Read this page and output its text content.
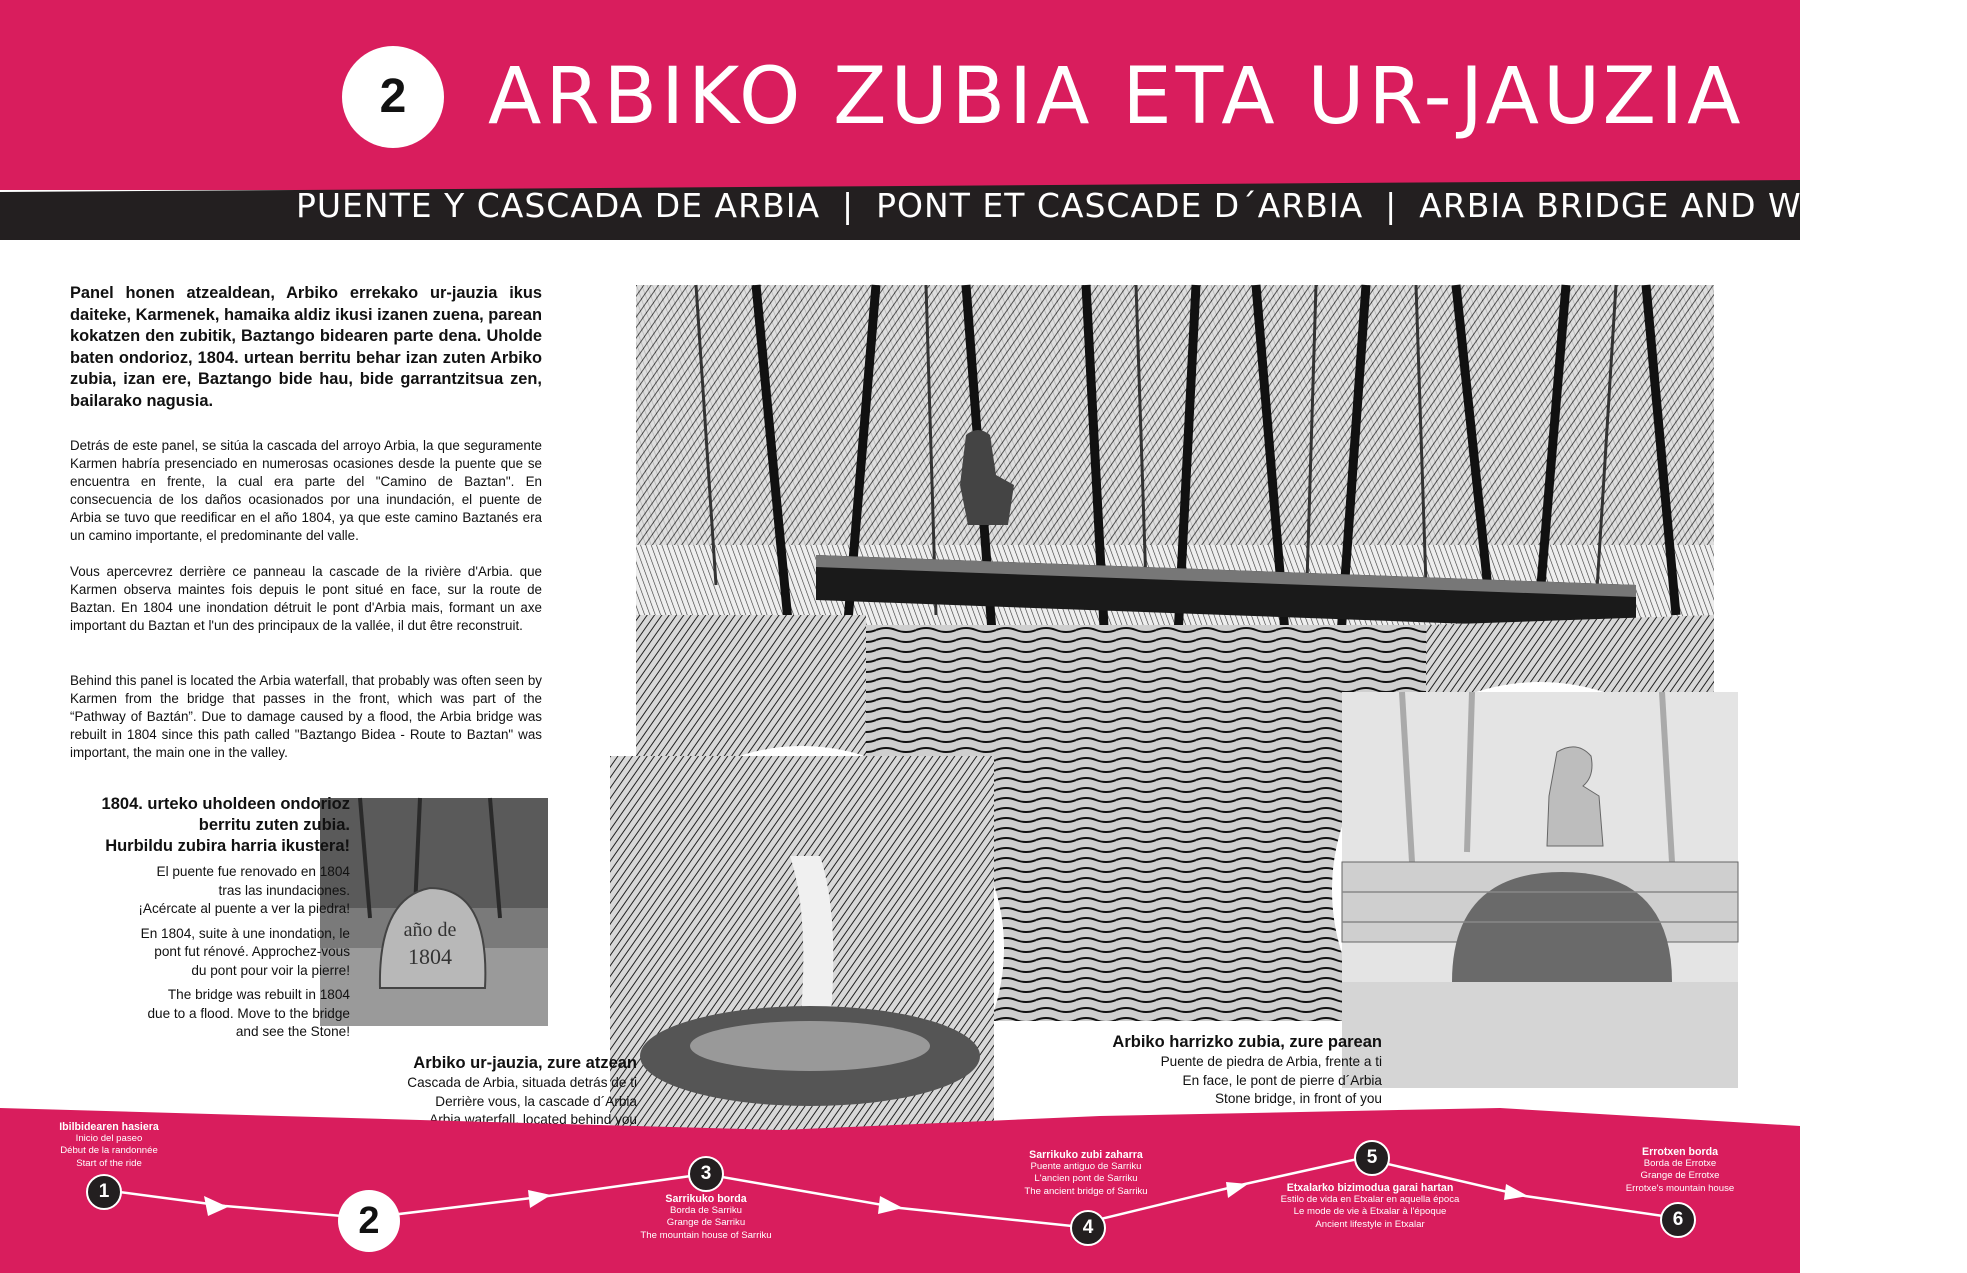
2	ARBIKO ZUBIA ETA UR-JAUZIA
PUENTE Y CASCADA DE ARBIA | PONT ET CASCADE D´ARBIA | ARBIA BRIDGE AND WATERFALL

Panel honen atzealdean, Arbiko errekako ur-jauzia ikus daiteke, Karmenek, hamaika aldiz ikusi izanen zuena, parean kokatzen den zubitik, Baztango bidearen parte dena. Uholde baten ondorioz, 1804. urtean berritu behar izan zuten Arbiko zubia, izan ere, Baztango bide hau, bide garrantzitsua zen, bailarako nagusia.

Detrás de este panel, se sitúa la cascada del arroyo Arbia, la que seguramente Karmen habría presenciado en numerosas ocasiones desde la puente que se encuentra en frente, la cual era parte del "Camino de Baztan". En consecuencia de los daños ocasionados por una inundación, el puente de Arbia se tuvo que reedificar en el año 1804, ya que este camino Baztanés era un camino importante, el predominante del valle.

Vous apercevrez derrière ce panneau la cascade de la rivière d'Arbia. que Karmen observa maintes fois depuis le pont situé en face, sur la route de Baztan. En 1804 une inondation détruit le pont d'Arbia mais, formant un axe important du Baztan et l'un des principaux de la vallée, il dut être reconstruit.

Behind this panel is located the Arbia waterfall, that probably was often seen by Karmen from the bridge that passes in the front, which was part of the “Pathway of Baztán”. Due to damage caused by a flood, the Arbia bridge was rebuilt in 1804 since this path called "Baztango Bidea - Route to Baztan" was important, the main one in the valley.

año de
1804
1804. urteko uholdeen ondorioz
berritu zuten zubia.
Hurbildu zubira harria ikustera!
El puente fue renovado en 1804
tras las inundaciones.
¡Acércate al puente a ver la piedra!
En 1804, suite à une inondation, le
pont fut rénové. Approchez-vous
du pont pour voir la pierre!
The bridge was rebuilt in 1804
due to a flood. Move to the bridge
and see the Stone!
Arbiko ur-jauzia, zure atzean
Cascada de Arbia, situada detrás de ti
Derrière vous, la cascade d´Arbia
Arbia waterfall, located behind you
Arbiko harrizko zubia, zure parean
Puente de piedra de Arbia, frente a ti
En face, le pont de pierre d´Arbia
Stone bridge, in front of you
1
2
3
4
5
6
Ibilbidearen hasiera
Inicio del paseo
Début de la randonnée
Start of the ride
Sarrikuko borda
Borda de Sarriku
Grange de Sarriku
The mountain house of Sarriku
Sarrikuko zubi zaharra
Puente antiguo de Sarriku
L'ancien pont de Sarriku
The ancient bridge of Sarriku	Etxalarko bizimodua garai hartan
Estilo de vida en Etxalar en aquella época
Le mode de vie à Etxalar à l'époque
Ancient lifestyle in Etxalar
Errotxen borda
Borda de Errotxe
Grange de Errotxe
Errotxe's mountain house
